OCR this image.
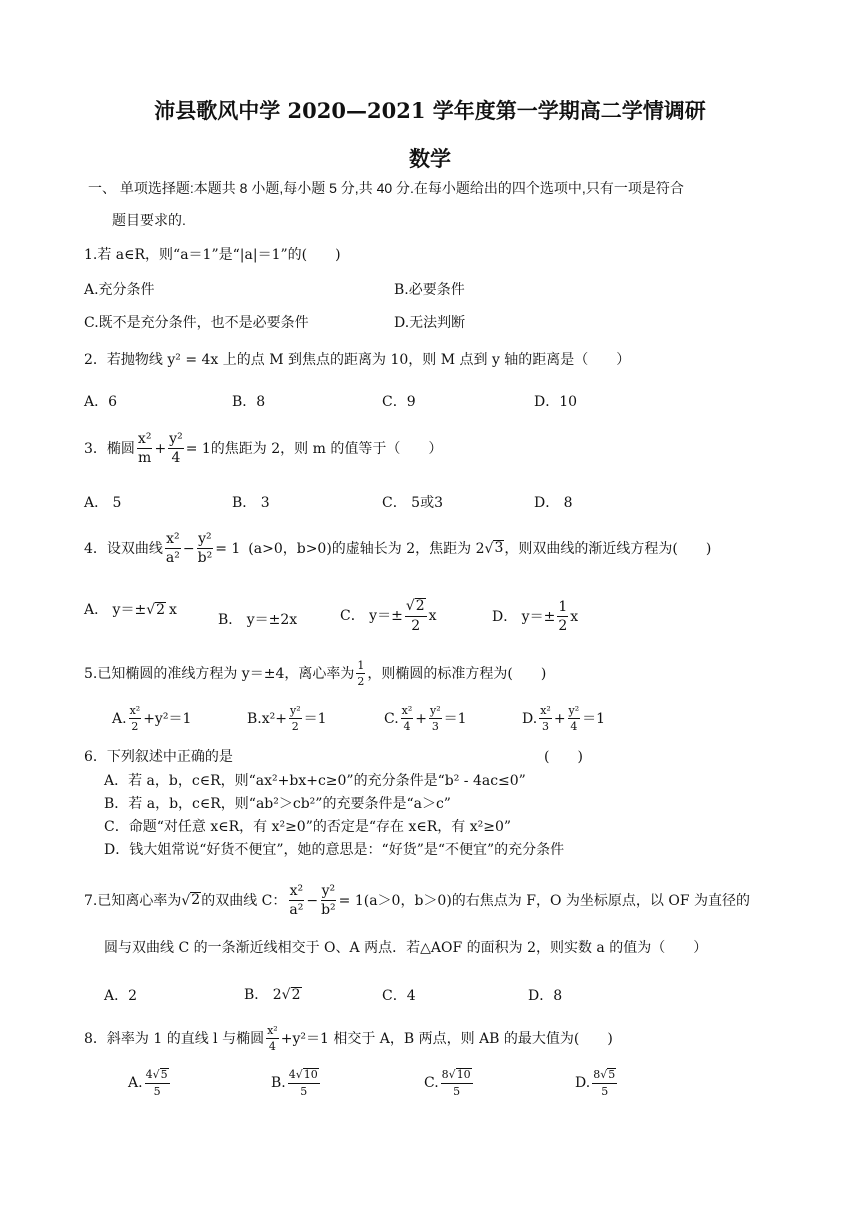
沛县歌风中学 2020—2021 学年度第一学期高二学情调研
数学
一、 单项选择题:本题共 8 小题,每小题 5 分,共 40 分.在每小题给出的四个选项中,只有一项是符合
题目要求的.
1.若 a∈R，则“a＝1”是“|a|＝1”的(　　)
A.充分条件	B.必要条件
C.既不是充分条件，也不是必要条件	D.无法判断
2．若抛物线 y² = 4x 上的点 M 到焦点的距离为 10，则 M 点到 y 轴的距离是（　　）
A．6	B．8	C．9	D．10
3．椭圆
x²
m
+ $\frac{\text{y²}}{4} = 1$ 的焦距为 2，则 m 的值等于（　　）
A． 5	B． 3	C． 5或3	D． 8
4．设双曲线
x²
a²
− $\frac{\text{y²}}{\text{b²}} = 1$ (a>0，b>0)的虚轴长为 2，焦距为 2 √ 3 ，则双曲线的渐近线方程为(　　)
A． y＝± √ 2 x
B． y＝±2x	C． $y=\pm \frac{√2}{2}$ x	D． $y=\pm \frac{1}{2}$ x
5.已知椭圆的准线方程为 y＝±4，离心率为 1
2 ，则椭圆的标准方程为(　　)
A. x²
2 +y²＝1	$B.x^2+ \frac{\text{y²}}{2} =1$	C. x²
$4 + \frac{\text{y²}}{3} =1$	D. x²
$3 + \frac{\text{y²}}{4} =1$
6．下列叙述中正确的是	(　　)
A．若 a，b，c∈R，则“ax²+bx+c≥0”的充分条件是“b² - 4ac≤0”
B．若 a，b，c∈R，则“ab²＞cb²”的充要条件是“a＞c”
C．命题“对任意 x∈R，有 x²≥0”的否定是“存在 x∈R，有 x²≥0”
D．钱大姐常说“好货不便宜”，她的意思是：“好货”是“不便宜”的充分条件
7.已知离心率为 √ 2 的双曲线 C：
x²
a²
− $\frac{\text{y²}}{\text{b²}} = 1$ (a＞0，b＞0)的右焦点为 F，O 为坐标原点，以 OF 为直径的
圆与双曲线 C 的一条渐近线相交于 O、A 两点．若△AOF 的面积为 2，则实数 a 的值为（　　）
A．2	B． 2 √ 2	C．4	D．8
8．斜率为 1 的直线 l 与椭圆 x²
4 +y²＝1 相交于 A，B 两点，则 AB 的最大值为(　　)
A.
4√5
5
B.
4√10
5
C.
8√10
5
D.
8√5
5
